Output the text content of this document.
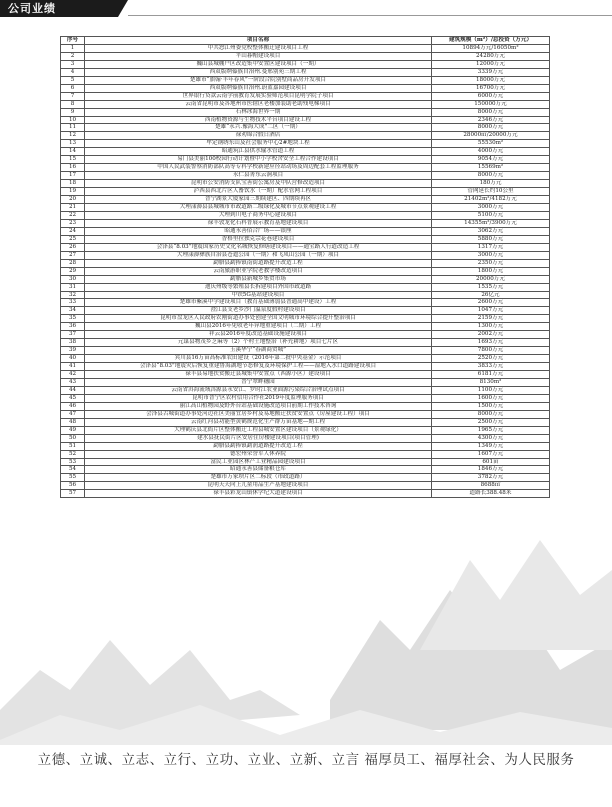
公司业绩
序号	项目名称	建筑规模（m²）/总投资（万元）
1	中共怒江州委党校整体搬迁建设项目工程	10894万元/16050m²
2	平山暮帽建设项目	24280万元
3	巍山县城棚户区改造集中安置区建设项目（一期）	12000万元
4	西双版纳傣族自治州.曼邢别苑三期工程	3339万元
5	楚雄市“旗翰·丰年春风”一阶段合院别墅商品房开发项目	18000万元
6	西双版纳傣族自治州.蔚蓝嘉园建设项目	16700万元
7	世界银行贷款云南学前教育发展实验师范项目昆明学院子项目	6000万元
8	云南省昆明市及各地州市医辖区老楼加装助老助残电梯项目	150000万元
9	石林冰海世界一期	8000万元
10	西南植物资源与生物技术平台项目建设工程	2346万元
11	楚雄“永兴.豫海大成”二区（一期）	8000万元
12	禄劝锦合假日酒店	28000㎡/20000万元
13	牟定钢绣东山及社会服务中心2#地块工程	55530m²
14	昭通筑江县供水输水管道工程	4000万元
15	易门县美丽100校园行动计划暨中小学校舍安全工程合作建设项目	9054万元
16	中国人民武装警察消防部队高等专科学校新建应径站动场及周边配套工程监理服务	15569m²
17	永仁县箐东云涧项目	8000万元
18	昆明市公安消防支队宝善街公寓房及中队营修改造项目	180万元
19	泸西县西北片区人畜饮水（一期）配水管网工程项目	管网延长约10公里
20	晋宁湖景大厦家园三期续建区、四期续再区	21402m²/4182万元
21	大理漾濞县县城城市市政道路二级绿化及城市节点景观建设工程	3000万元
22	大理到川电子商务中心建设项目	5100万元
23	禄丰敦龙化石科普展示教育基地建设项目	14355m²/3900万元
24	昭通永善佰合广场——银座	3062万元
25	香格里拉独克宗花巷建设项目	5880万元
26	会泽县“8.03”地震国家历史文化名城恢复修缮建设项目——通宝路人行道改造工程	1317万元
27	大理漾濞彝族自治县苍遮公园（一期）和飞凤山公园（一期）项目	3000万元
28	勐腊县勐捧镇南街道路提升改造工程	2350万元
29	云南旅游职业学院老教学楼改造项目	1800万元
30	勐腊县新城乡集贸市场	20000万元
31	迪庆州级等繁殖县长拆建项目外国市政道路	1535万元
32	中铁5G基站建设项目	26亿元
33	楚雄市紫溪中学建设项目（教育基础薄弱县普通高中建设）工程	2600万元
34	澄江县支老乡沙门温泉度假村建设项目	1047万元
35	昆明市盘龙区人民政府农刚街道办事处创建全国文明城市环境综合提升整治项目	2159万元
36	巍山县2016年免收老年异地重建项目（二期）工程	1300万元
37	祥云县2016年度改造基础设施建设项目	2002万元
38	元谋县物茂乡芝麻等（2）个村土地整治（补充耕地）项目七片区	1693万元
39	玉溪华宁“春湖商贸城”	7800万元
40	宾川县16万亩高标准农田建设（2016年第二批中央基金）示范项目	2520万元
41	会泽县“8.03”地震灾后恢复重建鲁海湖地节态修复及环境保护工程——湿地入水口道路建设项目	3833万元
42	禄丰县易地扶贫搬迁县城集中安置点（西源小区）建设项目	6181万元
43	晋宁翠畔穗园	8130m²
44	云南省洱海流域洱源县永安江、罗时江农业面源污染综合治理试点项目	1100万元
45	昆明市晋宁区农村信用合作社2019年度监理服务项目	1600万元
46	丽江高山植物园及野外台站基础设施改造项目前期工作技术咨询	1500万元
47	会泽县古城街道办事处河边社区美丽宜居乡村及易地搬迁扶贫安置点（房屋建设工程）项目	8000万元
48	云南红河县功能型黄鹤规范化生产群万亩基地—期工程	2500万元
49	大理鹤庆县北衙片区整体搬迁工程县城安置区建设项目（景观绿化）	1965万元
50	建水县抚民街片区安居住房楼建设项目(项目管理)	4300万元
51	勐腊县勐捧镇勐润道路提升改造工程	1349万元
52	德宏州荣誉军人休养院	1607万元
53	富民工业园区林产工业精品园建设项目	601亩
54	昭通永善县储备粮仓库	1846万元
55	楚雄市万家坝片区二标段（市政道路）	3782万元
56	昆明天天向上儿童用品生产基地建设项目	8688㎡
57	禄丰县彩龙山镇休学纪大道建设项目	道路长388.48米
立德、立诚、立志、立行、立功、立业、立新、立言 福厚员工、福厚社会、为人民服务
